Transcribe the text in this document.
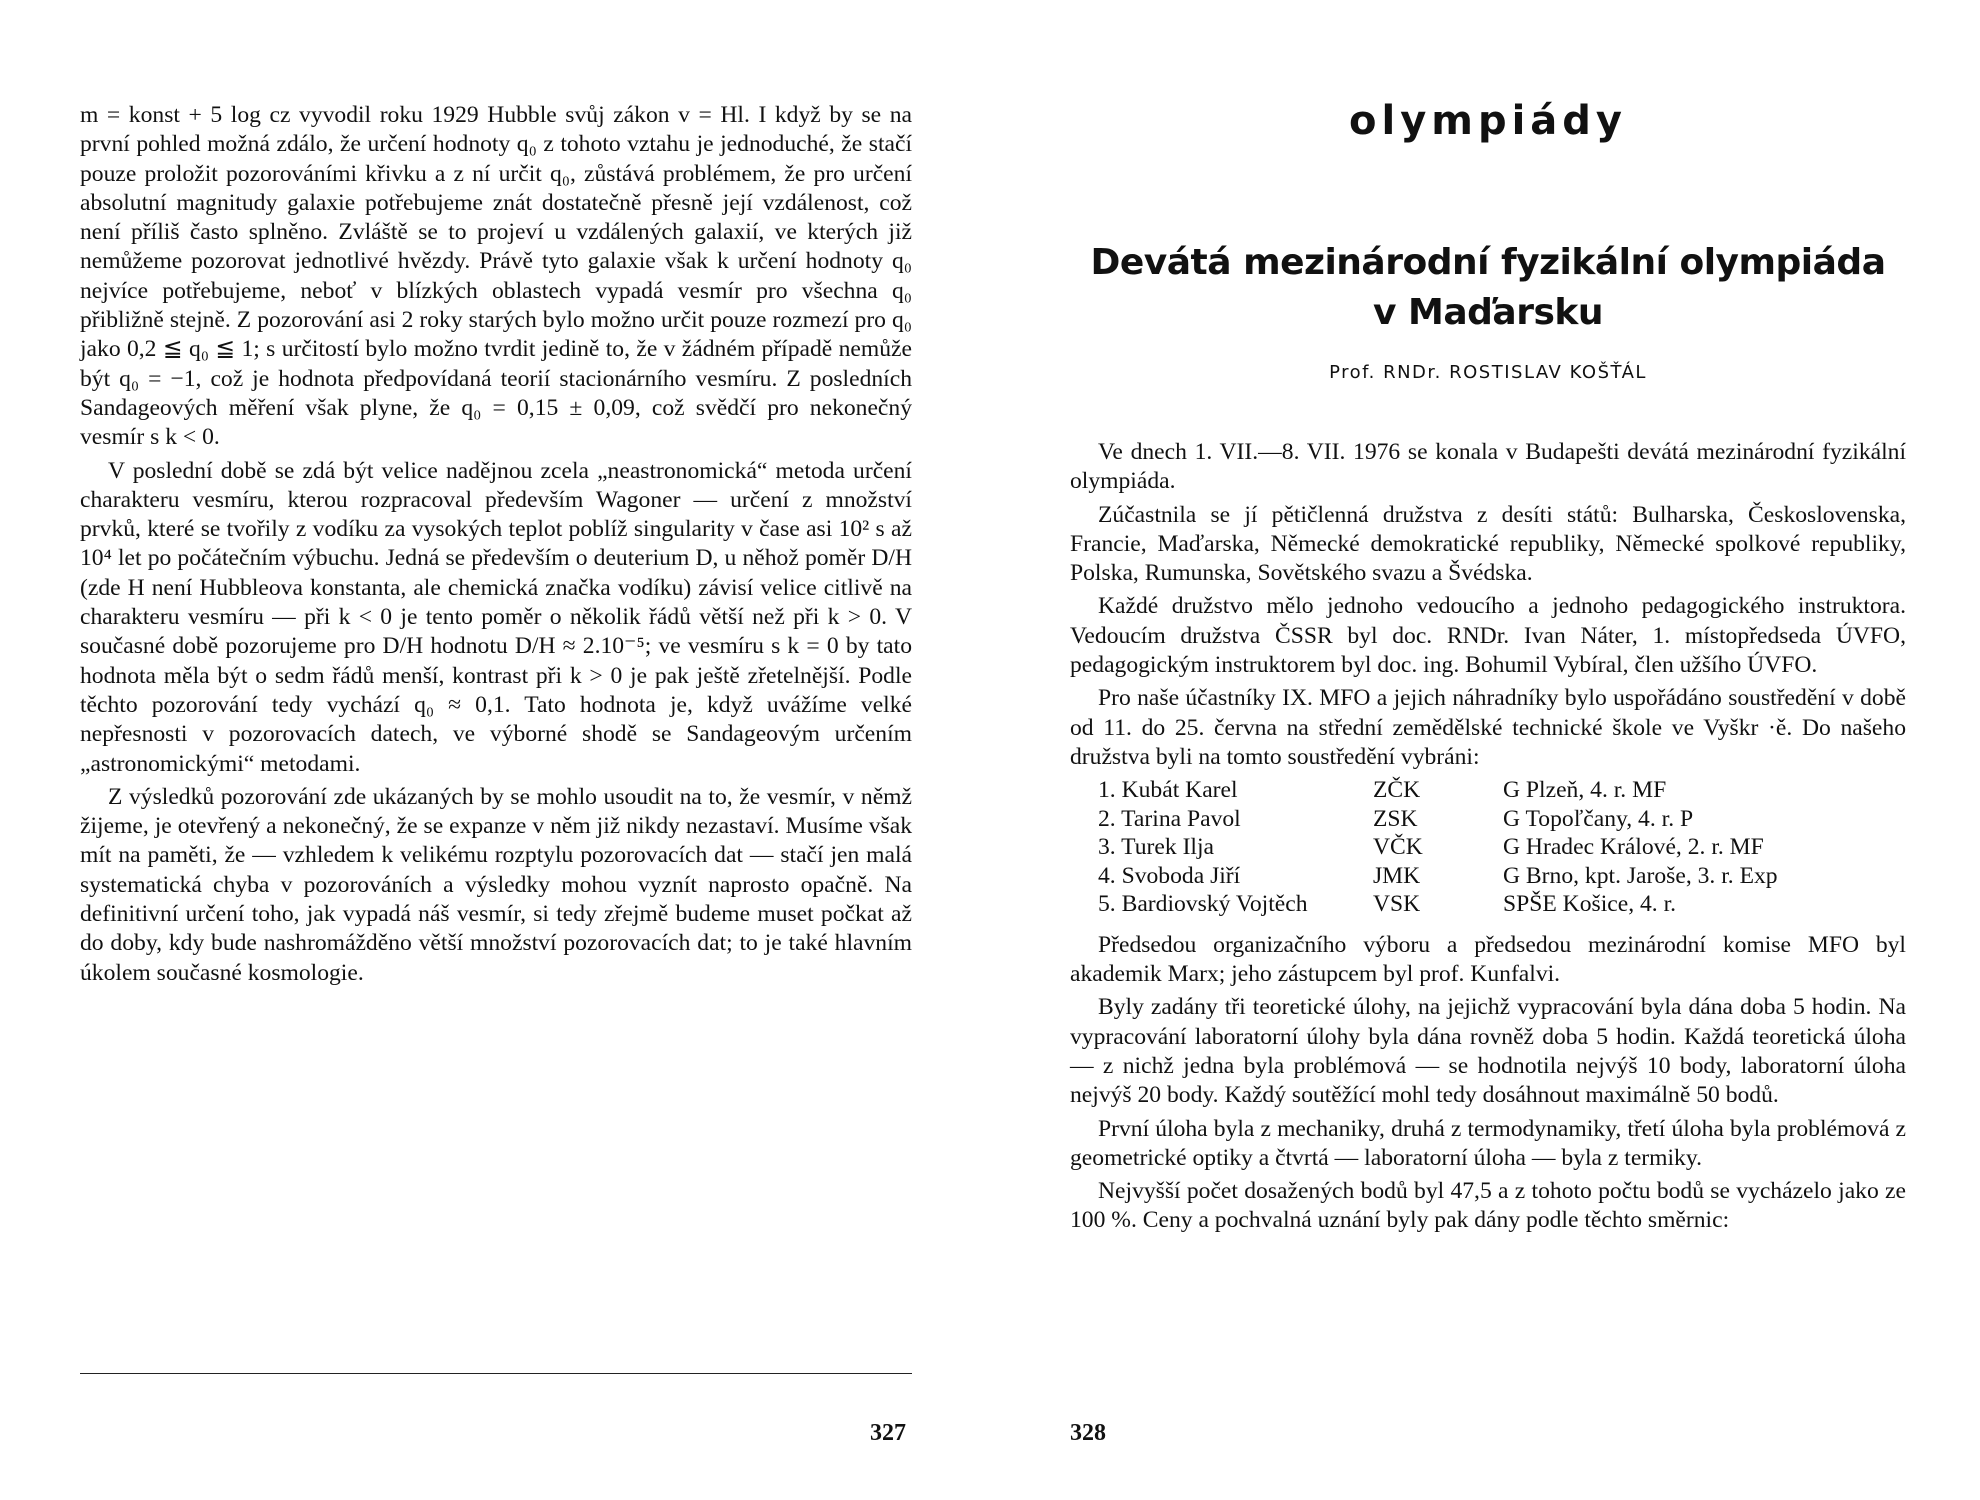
m = konst + 5 log cz vyvodil roku 1929 Hubble svůj zákon v = Hl. I když by se na první pohled možná zdálo, že určení hodnoty q₀ z tohoto vztahu je jednoduché, že stačí pouze proložit pozorováními křivku a z ní určit q₀, zůstává problémem, že pro určení absolutní magnitudy galaxie potřebujeme znát dostatečně přesně její vzdálenost, což není příliš často splněno. Zvláště se to projeví u vzdálených galaxií, ve kterých již nemůžeme pozorovat jednotlivé hvězdy. Právě tyto galaxie však k určení hodnoty q₀ nejvíce potřebujeme, neboť v blízkých oblastech vypadá vesmír pro všechna q₀ přibližně stejně. Z pozorování asi 2 roky starých bylo možno určit pouze rozmezí pro q₀ jako 0,2 ≦ q₀ ≦ 1; s určitostí bylo možno tvrdit jedině to, že v žádném případě nemůže být q₀ = −1, což je hodnota předpovídaná teorií stacionárního vesmíru. Z posledních Sandageových měření však plyne, že q₀ = 0,15 ± 0,09, což svědčí pro nekonečný vesmír s k < 0.

V poslední době se zdá být velice nadějnou zcela „neastronomická“ metoda určení charakteru vesmíru, kterou rozpracoval především Wagoner — určení z množství prvků, které se tvořily z vodíku za vysokých teplot poblíž singularity v čase asi 10² s až 10⁴ let po počátečním výbuchu. Jedná se především o deuterium D, u něhož poměr D/H (zde H není Hubbleova konstanta, ale chemická značka vodíku) závisí velice citlivě na charakteru vesmíru — při k < 0 je tento poměr o několik řádů větší než při k > 0. V současné době pozorujeme pro D/H hodnotu D/H ≈ 2.10⁻⁵; ve vesmíru s k = 0 by tato hodnota měla být o sedm řádů menší, kontrast při k > 0 je pak ještě zřetelnější. Podle těchto pozorování tedy vychází q₀ ≈ 0,1. Tato hodnota je, když uvážíme velké nepřesnosti v pozorovacích datech, ve výborné shodě se Sandageovým určením „astronomickými“ metodami.

Z výsledků pozorování zde ukázaných by se mohlo usoudit na to, že vesmír, v němž žijeme, je otevřený a nekonečný, že se expanze v něm již nikdy nezastaví. Musíme však mít na paměti, že — vzhledem k velikému rozptylu pozorovacích dat — stačí jen malá systematická chyba v pozorováních a výsledky mohou vyznít naprosto opačně. Na definitivní určení toho, jak vypadá náš vesmír, si tedy zřejmě budeme muset počkat až do doby, kdy bude nashromážděno větší množství pozorovacích dat; to je také hlavním úkolem současné kosmologie.

327
olympiády
Devátá mezinárodní fyzikální olympiáda
v Maďarsku
Prof. RNDr. ROSTISLAV KOŠŤÁL

Ve dnech 1. VII.—8. VII. 1976 se konala v Budapešti devátá mezinárodní fyzikální olympiáda.

Zúčastnila se jí pětičlenná družstva z desíti států: Bulharska, Československa, Francie, Maďarska, Německé demokratické republiky, Německé spolkové republiky, Polska, Rumunska, Sovětského svazu a Švédska.

Každé družstvo mělo jednoho vedoucího a jednoho pedagogického instruktora. Vedoucím družstva ČSSR byl doc. RNDr. Ivan Náter, 1. místopředseda ÚVFO, pedagogickým instruktorem byl doc. ing. Bohumil Vybíral, člen užšího ÚVFO.

Pro naše účastníky IX. MFO a jejich náhradníky bylo uspořádáno soustředění v době od 11. do 25. června na střední zemědělské technické škole ve Vyškr ·ě. Do našeho družstva byli na tomto soustředění vybráni:

1. Kubát Karel	ZČK	G Plzeň, 4. r. MF
2. Tarina Pavol	ZSK	G Topoľčany, 4. r. P
3. Turek Ilja	VČK	G Hradec Králové, 2. r. MF
4. Svoboda Jiří	JMK	G Brno, kpt. Jaroše, 3. r. Exp
5. Bardiovský Vojtěch	VSK	SPŠE Košice, 4. r.

Předsedou organizačního výboru a předsedou mezinárodní komise MFO byl akademik Marx; jeho zástupcem byl prof. Kunfalvi.

Byly zadány tři teoretické úlohy, na jejichž vypracování byla dána doba 5 hodin. Na vypracování laboratorní úlohy byla dána rovněž doba 5 hodin. Každá teoretická úloha — z nichž jedna byla problémová — se hodnotila nejvýš 10 body, laboratorní úloha nejvýš 20 body. Každý soutěžící mohl tedy dosáhnout maximálně 50 bodů.

První úloha byla z mechaniky, druhá z termodynamiky, třetí úloha byla problémová z geometrické optiky a čtvrtá — laboratorní úloha — byla z termiky.

Nejvyšší počet dosažených bodů byl 47,5 a z tohoto počtu bodů se vycházelo jako ze 100 %. Ceny a pochvalná uznání byly pak dány podle těchto směrnic:

328
